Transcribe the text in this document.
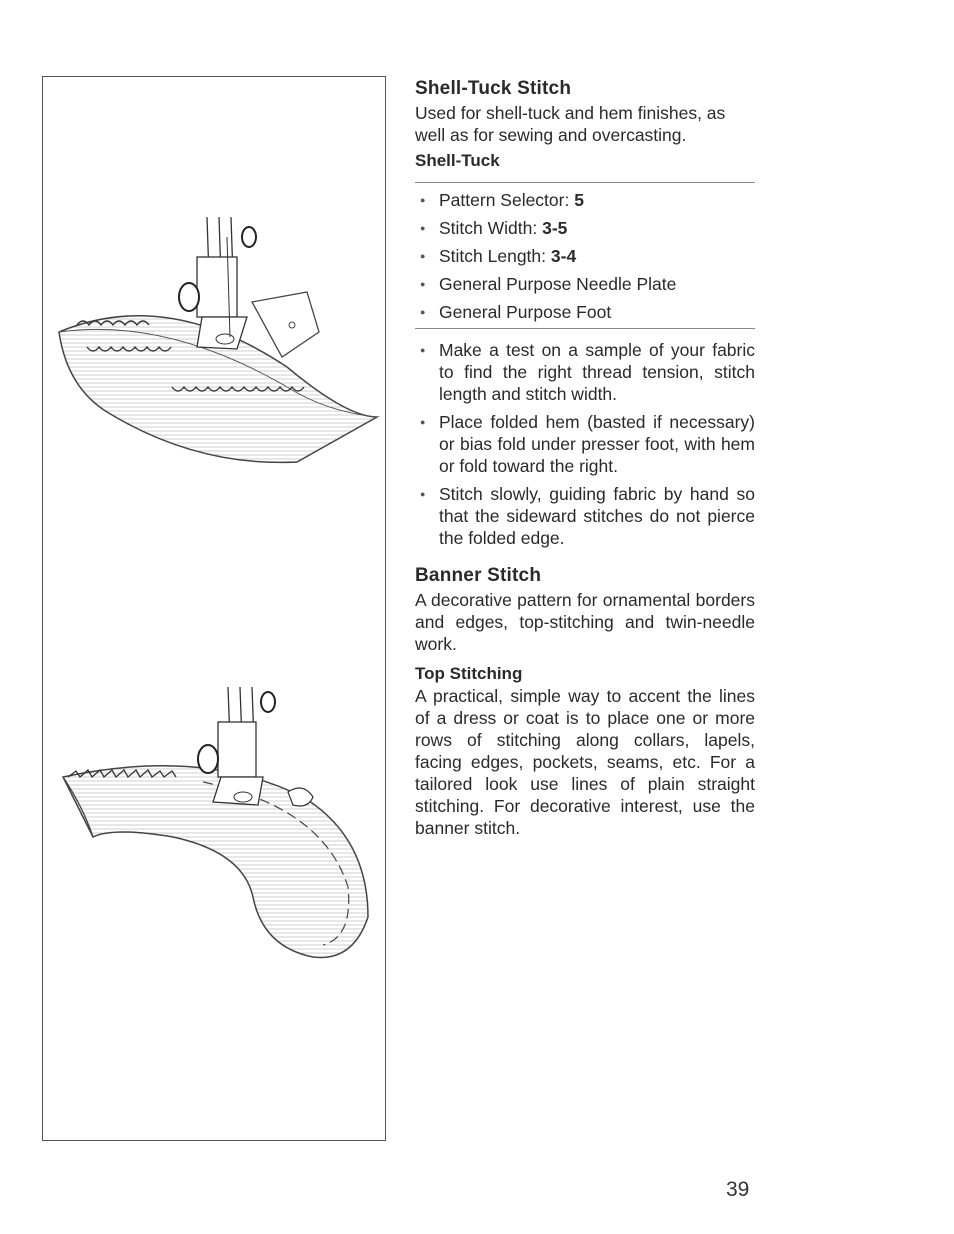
Shell-Tuck Stitch

Used for shell-tuck and hem finishes, as well as for sewing and overcasting.

Shell-Tuck
● Pattern Selector: 5
● Stitch Width: 3-5
● Stitch Length: 3-4
● General Purpose Needle Plate
● General Purpose Foot
● Make a test on a sample of your fabric to find the right thread tension, stitch length and stitch width.
● Place folded hem (basted if necessary) or bias fold under presser foot, with hem or fold toward the right.
● Stitch slowly, guiding fabric by hand so that the sideward stitches do not pierce the folded edge.
Banner Stitch

A decorative pattern for ornamental borders and edges, top-stitching and twin-needle work.

Top Stitching

A practical, simple way to accent the lines of a dress or coat is to place one or more rows of stitching along collars, lapels, facing edges, pockets, seams, etc. For a tailored look use lines of plain straight stitching. For decorative interest, use the banner stitch.

39
